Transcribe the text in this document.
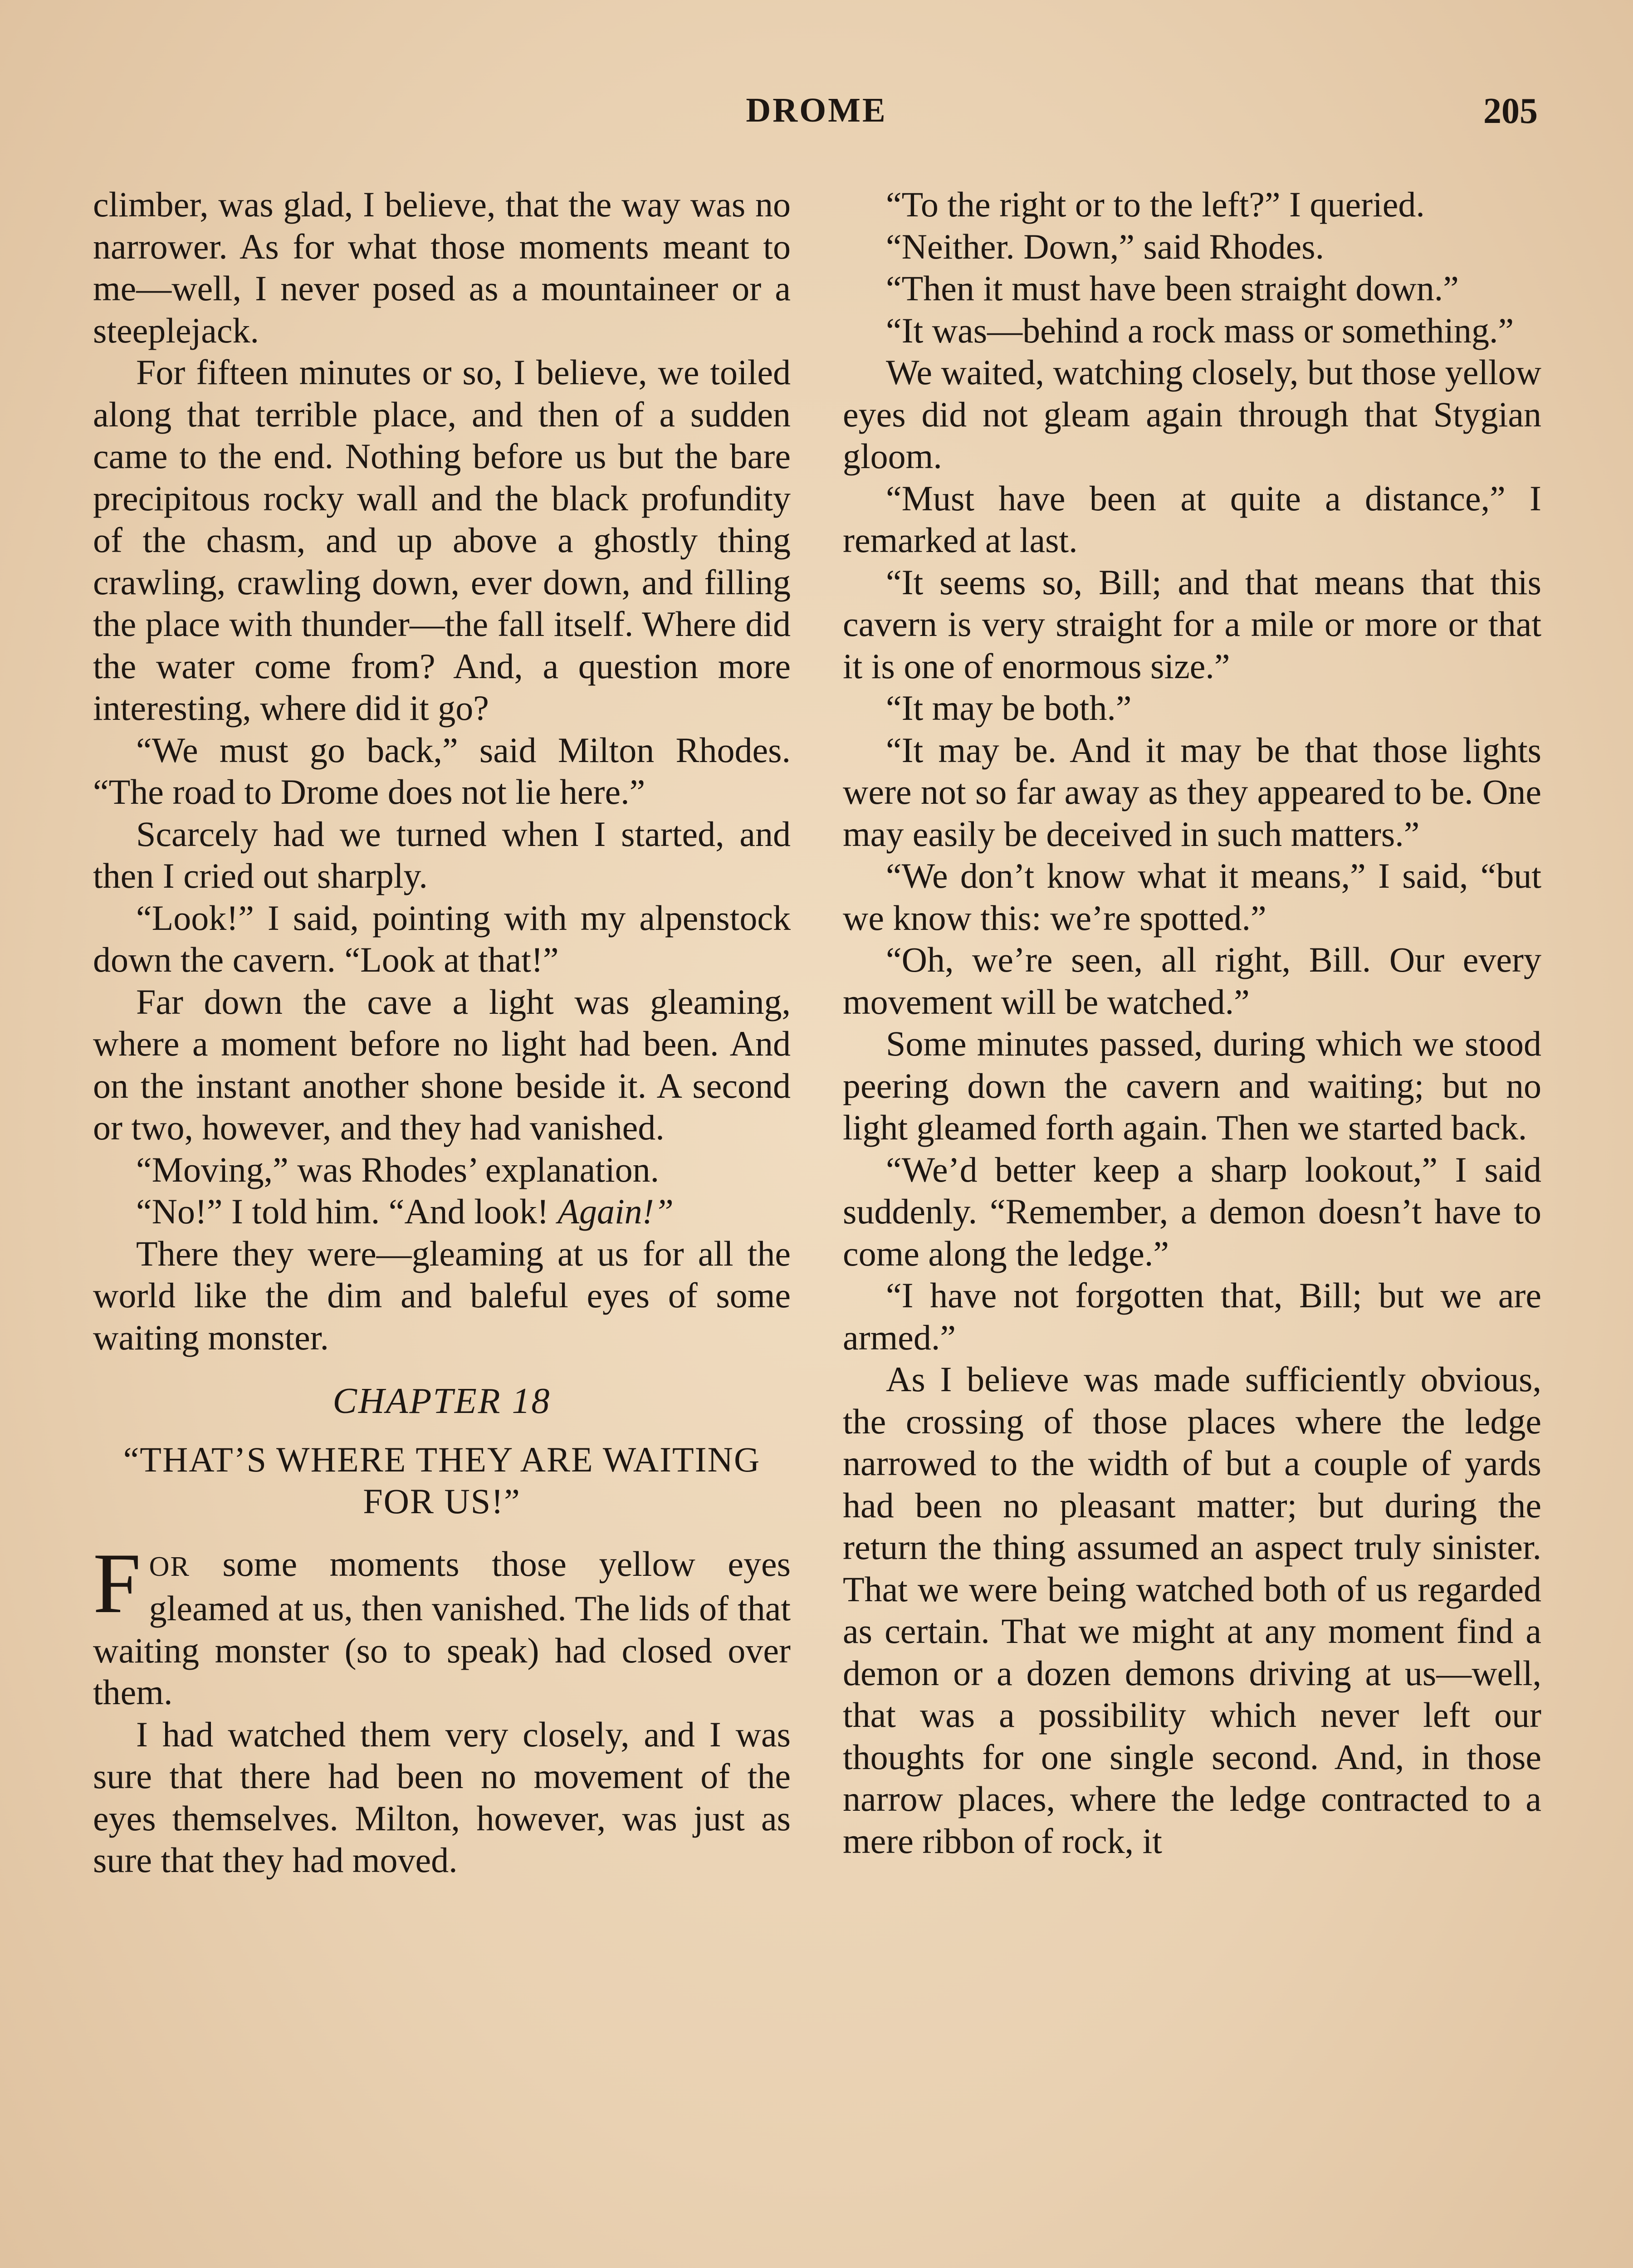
DROME	205

climber, was glad, I believe, that the way was no narrower. As for what those moments meant to me—well, I never posed as a mountaineer or a steeplejack.

For fifteen minutes or so, I believe, we toiled along that terrible place, and then of a sudden came to the end. Nothing before us but the bare precipitous rocky wall and the black profundity of the chasm, and up above a ghostly thing crawling, crawling down, ever down, and filling the place with thunder—the fall itself. Where did the water come from? And, a question more interesting, where did it go?

“We must go back,” said Milton Rhodes. “The road to Drome does not lie here.”

Scarcely had we turned when I started, and then I cried out sharply.

“Look!” I said, pointing with my alpenstock down the cavern. “Look at that!”

Far down the cave a light was gleaming, where a moment before no light had been. And on the instant another shone beside it. A second or two, however, and they had vanished.

“Moving,” was Rhodes’ explanation.

“No!” I told him. “And look! Again!”

There they were—gleaming at us for all the world like the dim and baleful eyes of some waiting monster.

CHAPTER 18
“THAT’S WHERE THEY ARE WAITING FOR US!”

FOR some moments those yellow eyes gleamed at us, then vanished. The lids of that waiting monster (so to speak) had closed over them.

I had watched them very closely, and I was sure that there had been no movement of the eyes themselves. Milton, however, was just as sure that they had moved.

“To the right or to the left?” I queried.

“Neither. Down,” said Rhodes.

“Then it must have been straight down.”

“It was—behind a rock mass or something.”

We waited, watching closely, but those yellow eyes did not gleam again through that Stygian gloom.

“Must have been at quite a distance,” I remarked at last.

“It seems so, Bill; and that means that this cavern is very straight for a mile or more or that it is one of enormous size.”

“It may be both.”

“It may be. And it may be that those lights were not so far away as they appeared to be. One may easily be deceived in such matters.”

“We don’t know what it means,” I said, “but we know this: we’re spotted.”

“Oh, we’re seen, all right, Bill. Our every movement will be watched.”

Some minutes passed, during which we stood peering down the cavern and waiting; but no light gleamed forth again. Then we started back.

“We’d better keep a sharp lookout,” I said suddenly. “Remember, a demon doesn’t have to come along the ledge.”

“I have not forgotten that, Bill; but we are armed.”

As I believe was made sufficiently obvious, the crossing of those places where the ledge narrowed to the width of but a couple of yards had been no pleasant matter; but during the return the thing assumed an aspect truly sinister. That we were being watched both of us regarded as certain. That we might at any moment find a demon or a dozen demons driving at us—well, that was a possibility which never left our thoughts for one single second. And, in those narrow places, where the ledge contracted to a mere ribbon of rock, it
